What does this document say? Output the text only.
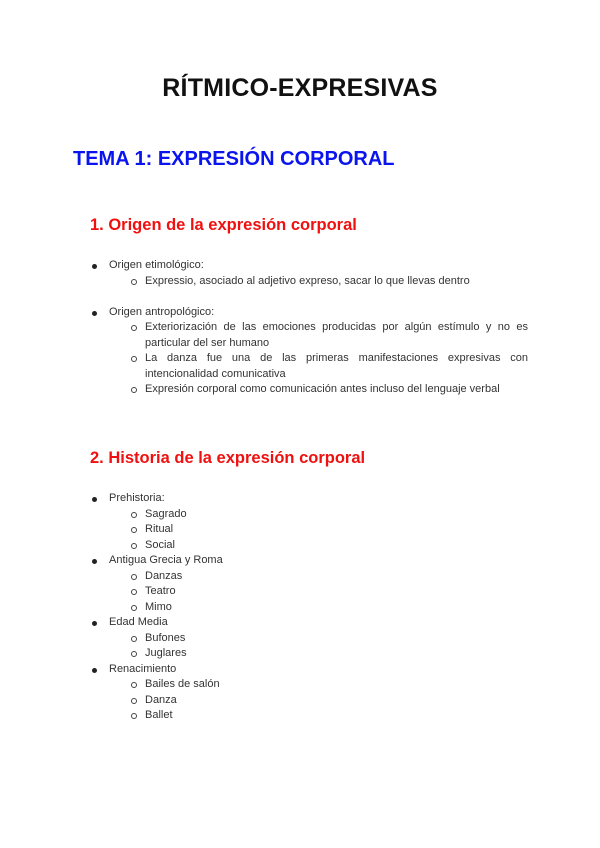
RÍTMICO-EXPRESIVAS
TEMA 1: EXPRESIÓN CORPORAL
1. Origen de la expresión corporal
Origen etimológico:
Expressio, asociado al adjetivo expreso, sacar lo que llevas dentro
Origen antropológico:
Exteriorización de las emociones producidas por algún estímulo y no es particular del ser humano
La danza fue una de las primeras manifestaciones expresivas con intencionalidad comunicativa
Expresión corporal como comunicación antes incluso del lenguaje verbal
2. Historia de la expresión corporal
Prehistoria:
Sagrado
Ritual
Social
Antigua Grecia y Roma
Danzas
Teatro
Mimo
Edad Media
Bufones
Juglares
Renacimiento
Bailes de salón
Danza
Ballet
